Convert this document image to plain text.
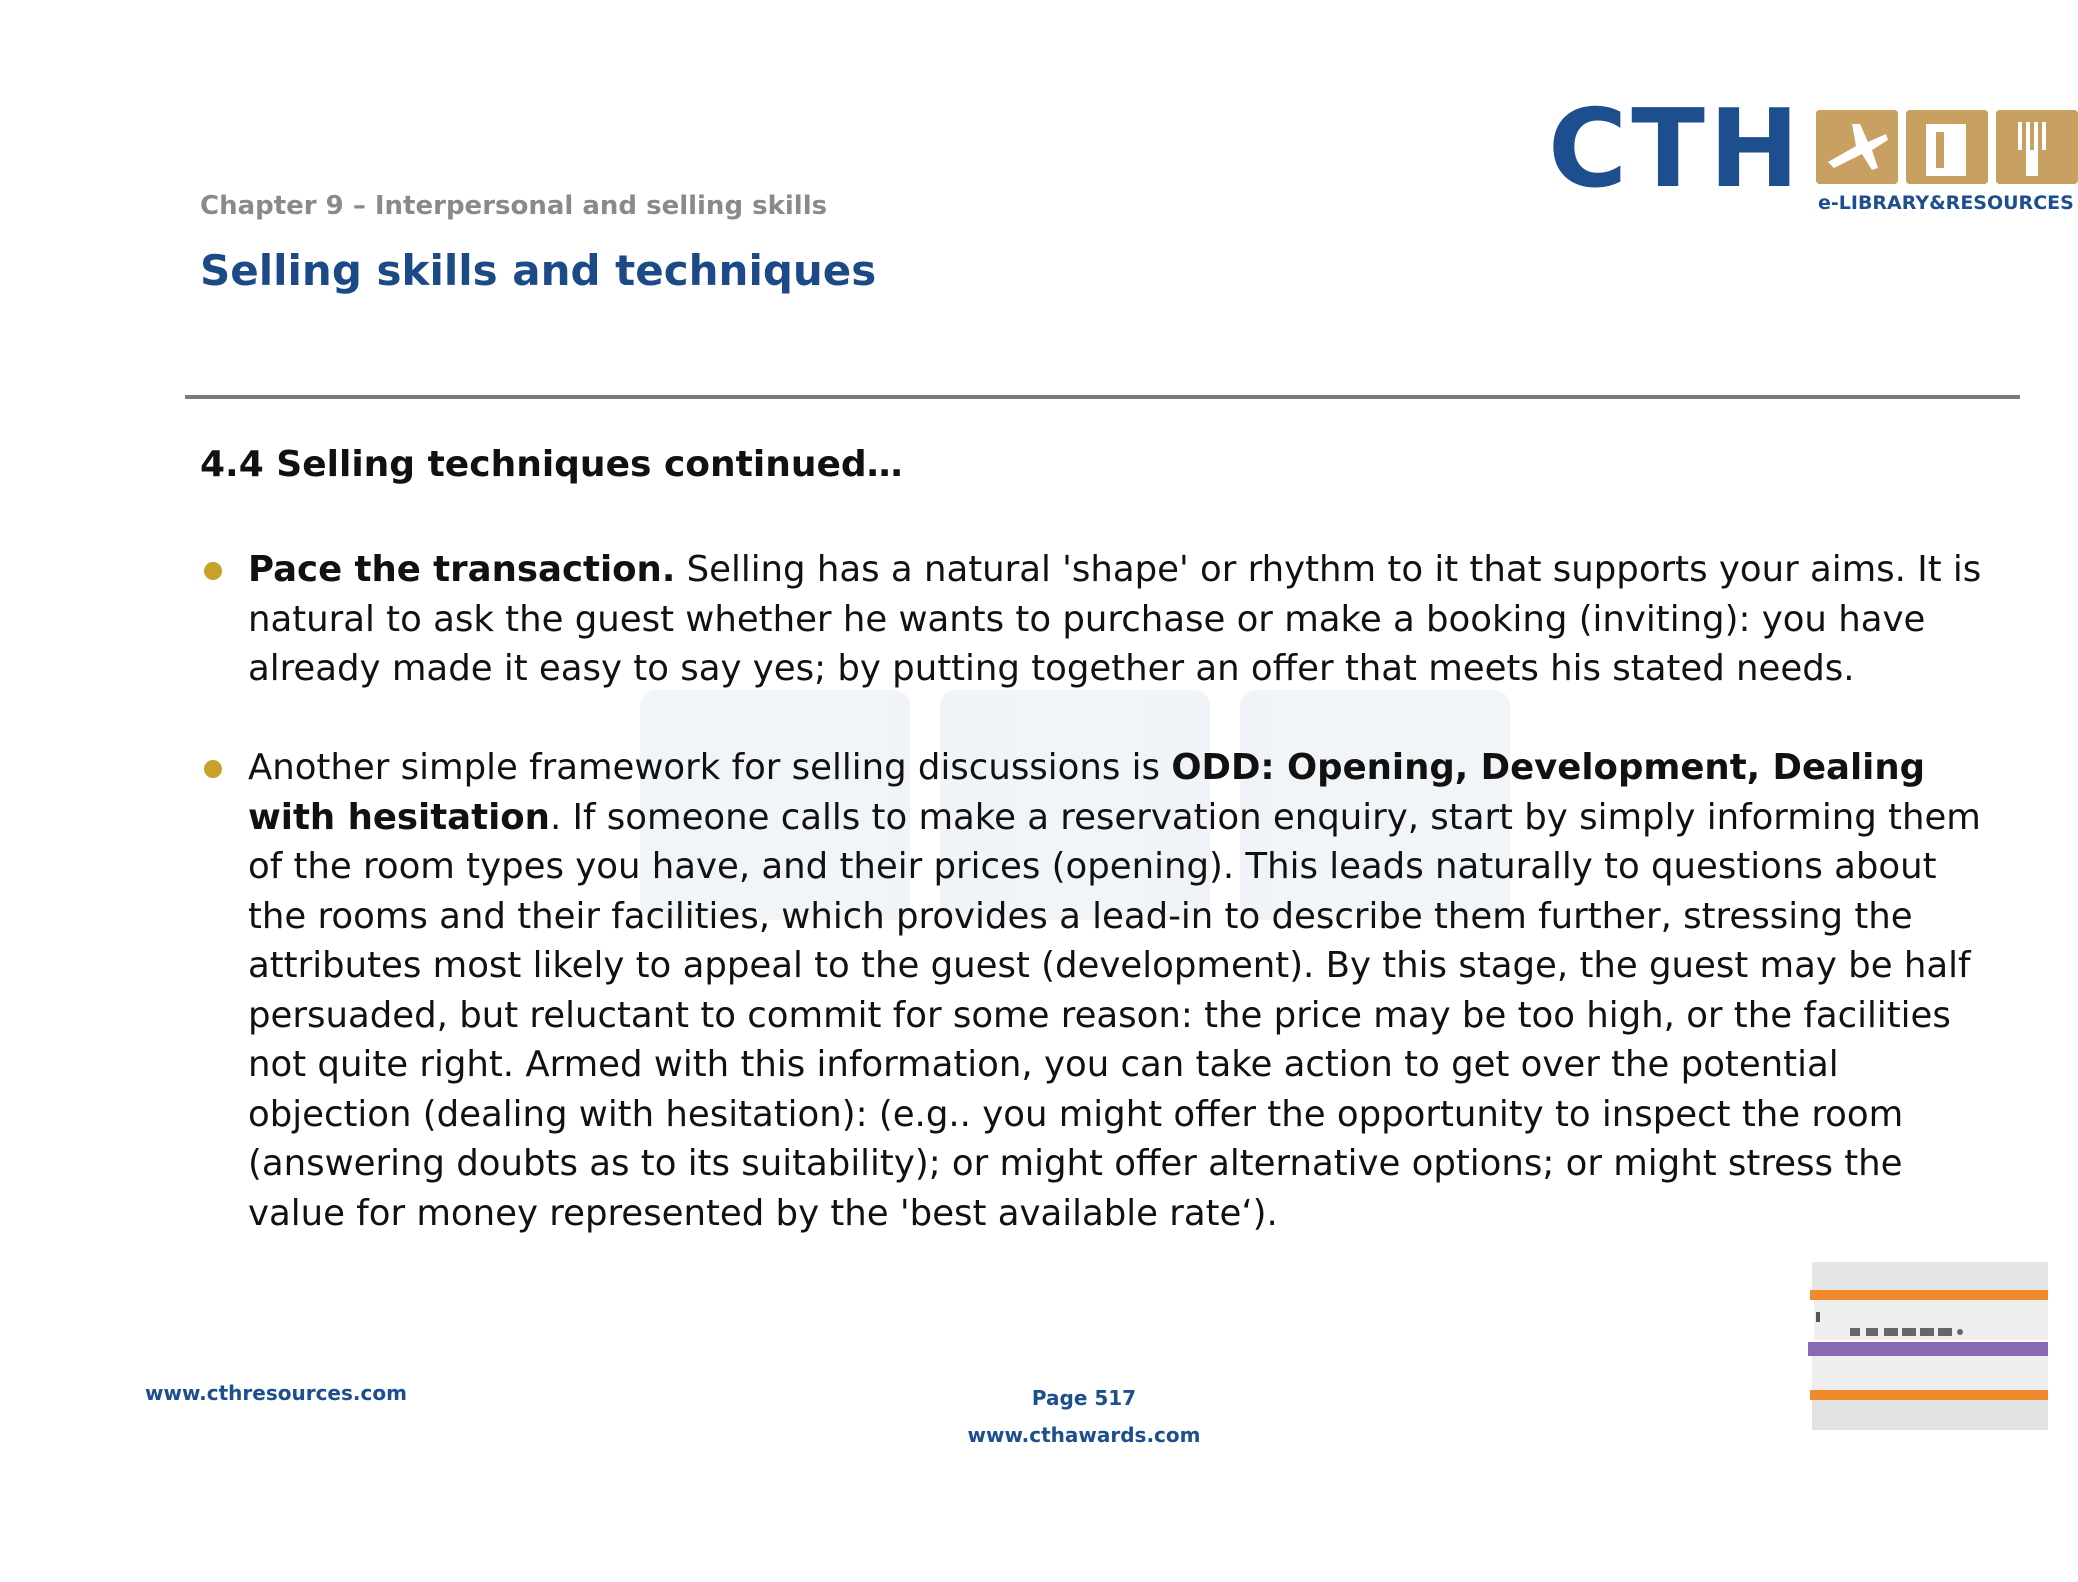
CTH e-LIBRARY&RESOURCES
Chapter 9 – Interpersonal and selling skills
Selling skills and techniques
4.4 Selling techniques continued…
Pace the transaction. Selling has a natural 'shape' or rhythm to it that supports your aims. It is natural to ask the guest whether he wants to purchase or make a booking (inviting): you have already made it easy to say yes; by putting together an offer that meets his stated needs.
Another simple framework for selling discussions is ODD: Opening, Development, Dealing with hesitation. If someone calls to make a reservation enquiry, start by simply informing them of the room types you have, and their prices (opening). This leads naturally to questions about the rooms and their facilities, which provides a lead-in to describe them further, stressing the attributes most likely to appeal to the guest (development). By this stage, the guest may be half persuaded, but reluctant to commit for some reason: the price may be too high, or the facilities not quite right. Armed with this information, you can take action to get over the potential objection (dealing with hesitation): (e.g.. you might offer the opportunity to inspect the room (answering doubts as to its suitability); or might offer alternative options; or might stress the value for money represented by the 'best available rate‘).
www.cthresources.com	Page 517
www.cthawards.com
